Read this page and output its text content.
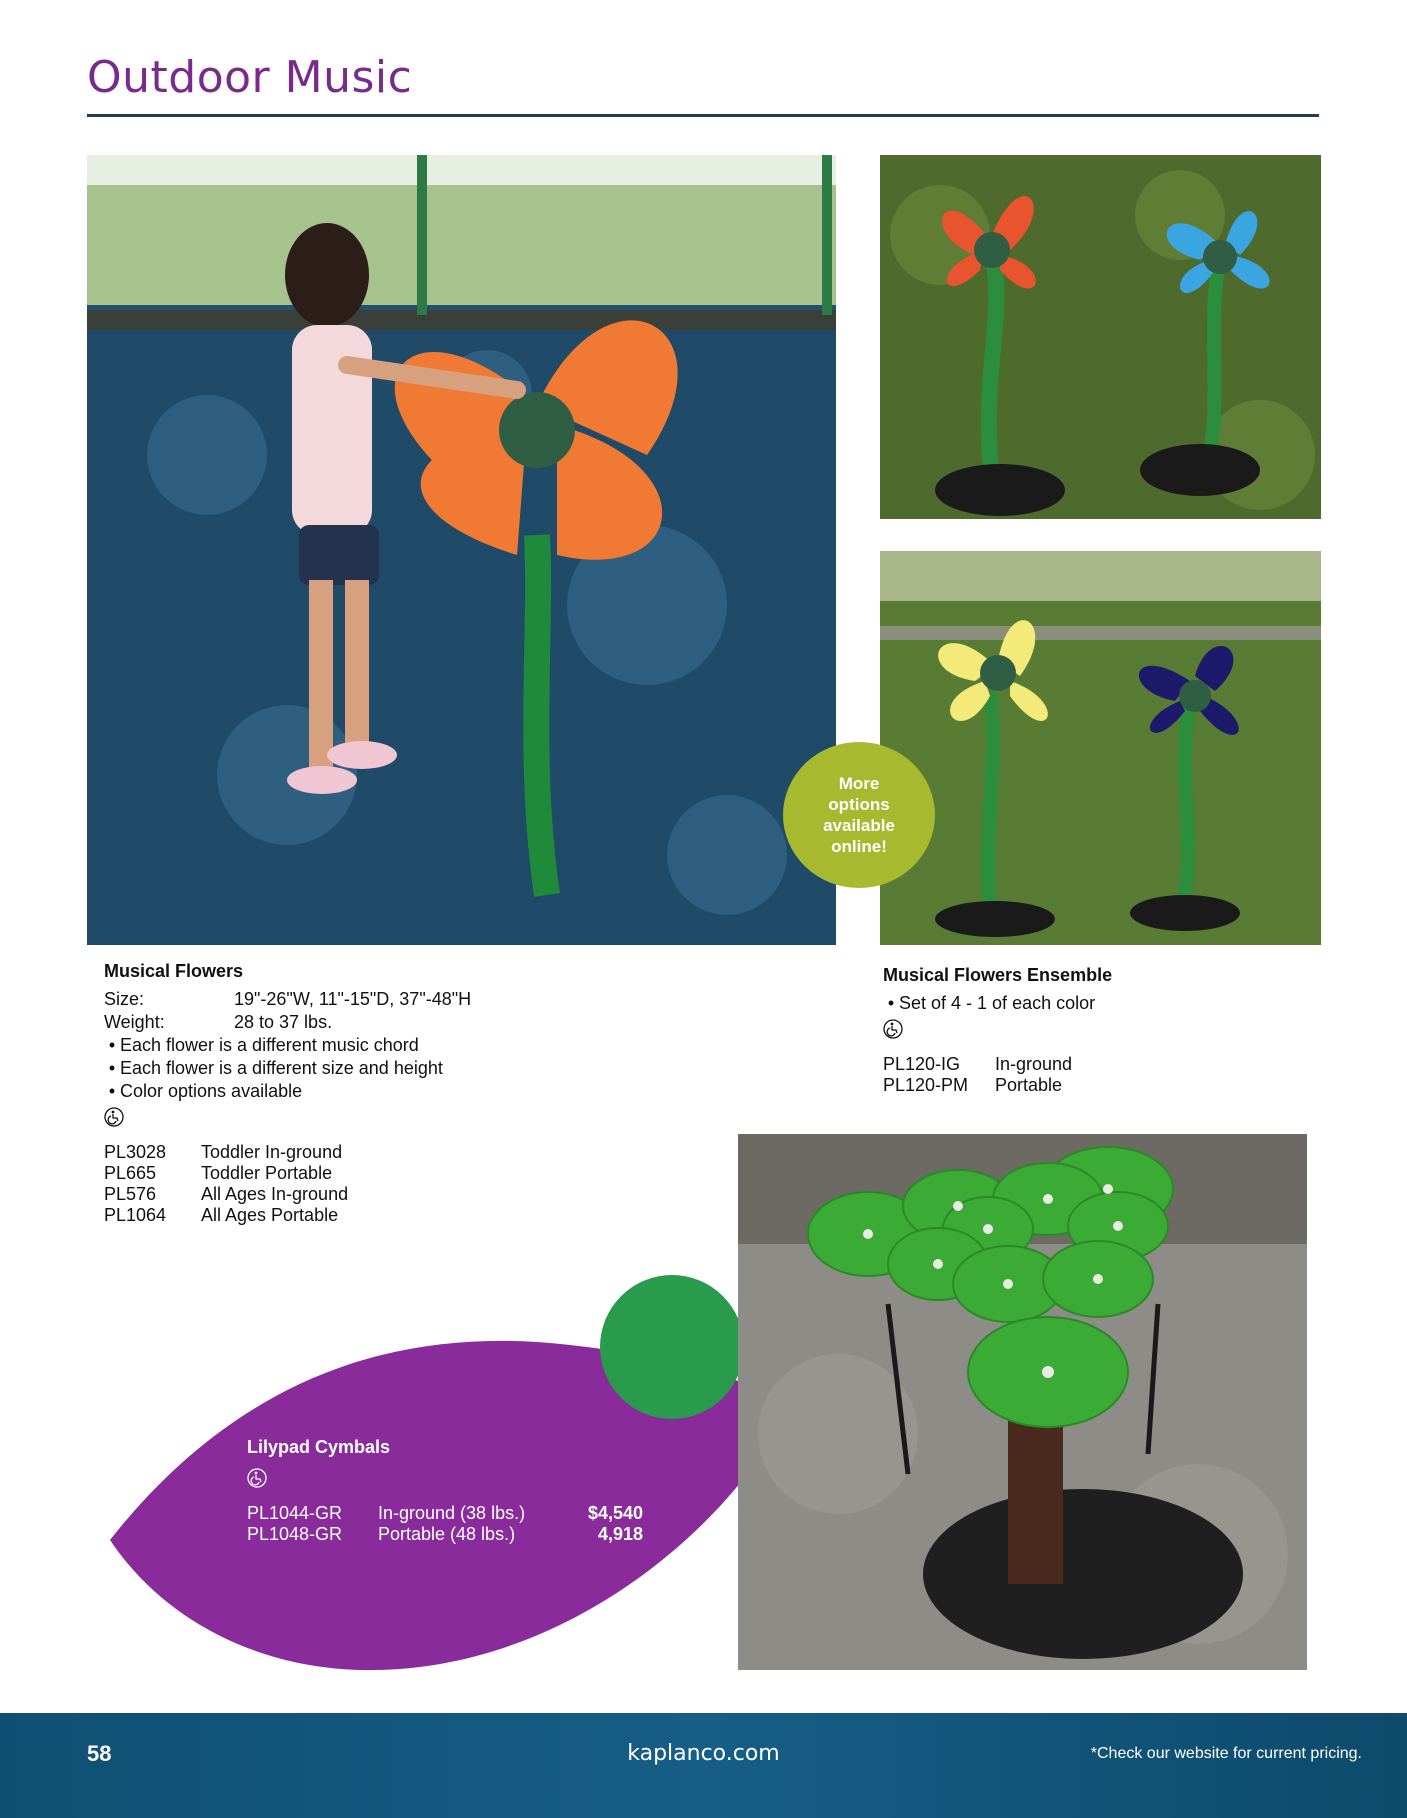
Outdoor Music
More options available online!
Musical Flowers
Size:	19"-26"W, 11"-15"D, 37"-48"H
Weight:	28 to 37 lbs.
• Each flower is a different music chord
• Each flower is a different size and height
• Color options available
PL3028 Toddler In-ground
PL665 Toddler Portable
PL576 All Ages In-ground
PL1064 All Ages Portable
Musical Flowers Ensemble
• Set of 4 - 1 of each color
PL120-IG In-ground
PL120-PM Portable
Lilypad Cymbals
PL1044-GR In-ground (38 lbs.)	$4,540
PL1048-GR Portable (48 lbs.)	4,918
58	kaplanco.com	*Check our website for current pricing.
